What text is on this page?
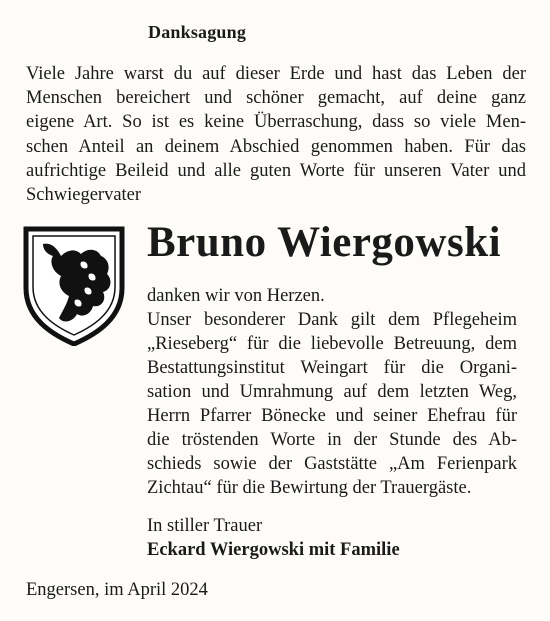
Danksagung
Viele Jahre warst du auf dieser Erde und hast das Leben der
Menschen bereichert und schöner gemacht, auf deine ganz
eigene Art. So ist es keine Überraschung, dass so viele Men-
schen Anteil an deinem Abschied genommen haben. Für das
aufrichtige Beileid und alle guten Worte für unseren Vater und
Schwiegervater
Bruno Wiergowski
danken wir von Herzen.
Unser besonderer Dank gilt dem Pflegeheim
„Rieseberg“ für die liebevolle Betreuung, dem
Bestattungsinstitut Weingart für die Organi-
sation und Umrahmung auf dem letzten Weg,
Herrn Pfarrer Bönecke und seiner Ehefrau für
die tröstenden Worte in der Stunde des Ab-
schieds sowie der Gaststätte „Am Ferienpark
Zichtau“ für die Bewirtung der Trauergäste.
In stiller Trauer
Eckard Wiergowski mit Familie
Engersen, im April 2024
